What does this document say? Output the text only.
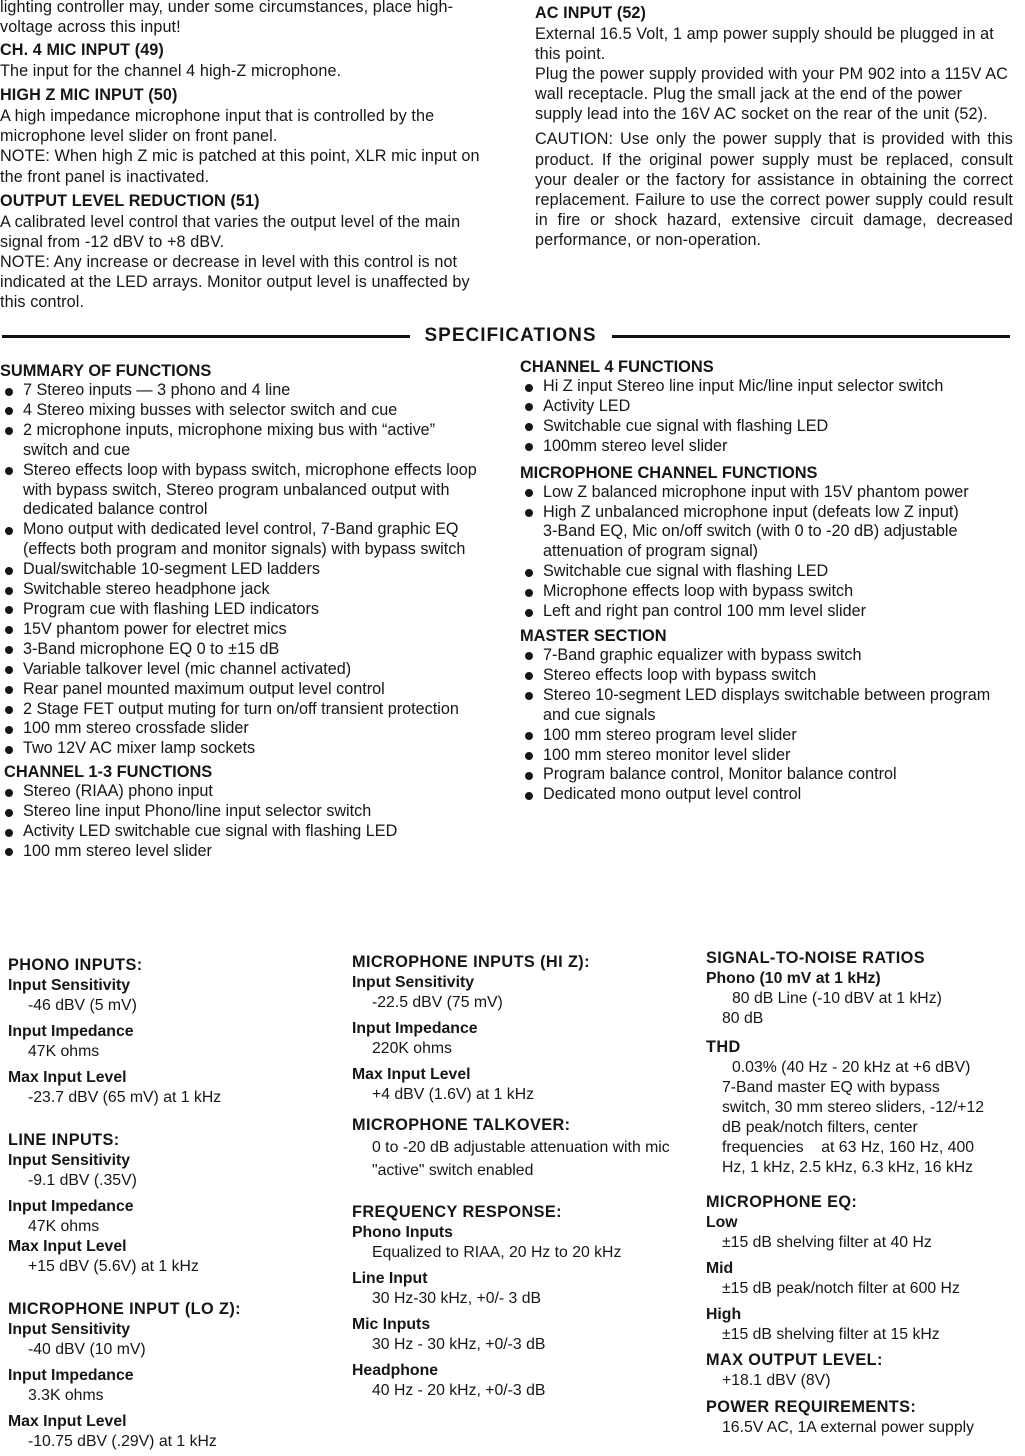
lighting controller may, under some circumstances, place high-voltage across this input!

CH. 4 MIC INPUT (49)

The input for the channel 4 high-Z microphone.

HIGH Z MIC INPUT (50)

A high impedance microphone input that is controlled by the microphone level slider on front panel.

NOTE: When high Z mic is patched at this point, XLR mic input on the front panel is inactivated.

OUTPUT LEVEL REDUCTION (51)

A calibrated level control that varies the output level of the main signal from -12 dBV to +8 dBV.

NOTE: Any increase or decrease in level with this control is not indicated at the LED arrays. Monitor output level is unaffected by this control.

AC INPUT (52)

External 16.5 Volt, 1 amp power supply should be plugged in at this point.

Plug the power supply provided with your PM 902 into a 115V AC wall receptacle. Plug the small jack at the end of the power supply lead into the 16V AC socket on the rear of the unit (52).

CAUTION: Use only the power supply that is provided with this product. If the original power supply must be replaced, consult your dealer or the factory for assistance in obtaining the correct replacement. Failure to use the correct power supply could result in fire or shock hazard, extensive circuit damage, decreased performance, or non-operation.

SPECIFICATIONS

SUMMARY OF FUNCTIONS

7 Stereo inputs — 3 phono and 4 line
4 Stereo mixing busses with selector switch and cue
2 microphone inputs, microphone mixing bus with “active” switch and cue
Stereo effects loop with bypass switch, microphone effects loop with bypass switch, Stereo program unbalanced output with dedicated balance control
Mono output with dedicated level control, 7-Band graphic EQ (effects both program and monitor signals) with bypass switch
Dual/switchable 10-segment LED ladders
Switchable stereo headphone jack
Program cue with flashing LED indicators
15V phantom power for electret mics
3-Band microphone EQ 0 to ±15 dB
Variable talkover level (mic channel activated)
Rear panel mounted maximum output level control
2 Stage FET output muting for turn on/off transient protection
100 mm stereo crossfade slider
Two 12V AC mixer lamp sockets

CHANNEL 1-3 FUNCTIONS

Stereo (RIAA) phono input
Stereo line input Phono/line input selector switch
Activity LED switchable cue signal with flashing LED
100 mm stereo level slider

CHANNEL 4 FUNCTIONS

Hi Z input Stereo line input Mic/line input selector switch
Activity LED
Switchable cue signal with flashing LED
100mm stereo level slider

MICROPHONE CHANNEL FUNCTIONS

Low Z balanced microphone input with 15V phantom power
High Z unbalanced microphone input (defeats low Z input)
3-Band EQ, Mic on/off switch (with 0 to -20 dB) adjustable attenuation of program signal)
Switchable cue signal with flashing LED
Microphone effects loop with bypass switch
Left and right pan control 100 mm level slider

MASTER SECTION

7-Band graphic equalizer with bypass switch
Stereo effects loop with bypass switch
Stereo 10-segment LED displays switchable between program and cue signals
100 mm stereo program level slider
100 mm stereo monitor level slider
Program balance control, Monitor balance control
Dedicated mono output level control

PHONO INPUTS:

Input Sensitivity

-46 dBV (5 mV)

Input Impedance

47K ohms

Max Input Level

-23.7 dBV (65 mV) at 1 kHz

LINE INPUTS:

Input Sensitivity

-9.1 dBV (.35V)

Input Impedance

47K ohms

Max Input Level

+15 dBV (5.6V) at 1 kHz

MICROPHONE INPUT (LO Z):

Input Sensitivity

-40 dBV (10 mV)

Input Impedance

3.3K ohms

Max Input Level

-10.75 dBV (.29V) at 1 kHz

MICROPHONE INPUTS (HI Z):

Input Sensitivity

-22.5 dBV (75 mV)

Input Impedance

220K ohms

Max Input Level

+4 dBV (1.6V) at 1 kHz

MICROPHONE TALKOVER:

0 to -20 dB adjustable attenuation with mic "active" switch enabled

FREQUENCY RESPONSE:

Phono Inputs

Equalized to RIAA, 20 Hz to 20 kHz

Line Input

30 Hz-30 kHz, +0/- 3 dB

Mic Inputs

30 Hz - 30 kHz, +0/-3 dB

Headphone

40 Hz - 20 kHz, +0/-3 dB

SIGNAL-TO-NOISE RATIOS

Phono (10 mV at 1 kHz)

80 dB Line (-10 dBV at 1 kHz)

80 dB

THD

0.03% (40 Hz - 20 kHz at +6 dBV)

7-Band master EQ with bypass switch, 30 mm stereo sliders, -12/+12 dB peak/notch filters, center frequencies    at 63 Hz, 160 Hz, 400 Hz, 1 kHz, 2.5 kHz, 6.3 kHz, 16 kHz

MICROPHONE EQ:

Low

±15 dB shelving filter at 40 Hz

Mid

±15 dB peak/notch filter at 600 Hz

High

±15 dB shelving filter at 15 kHz

MAX OUTPUT LEVEL:

+18.1 dBV (8V)

POWER REQUIREMENTS:

16.5V AC, 1A external power supply
